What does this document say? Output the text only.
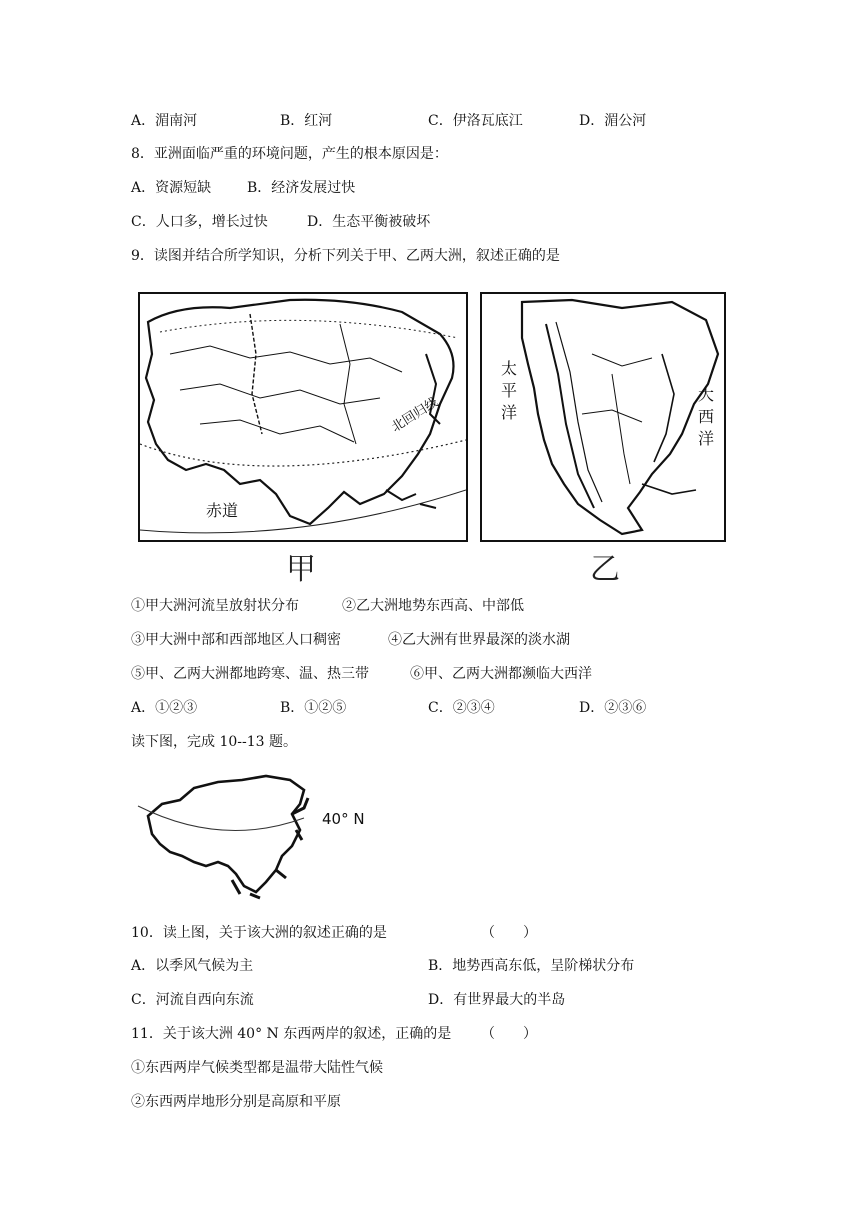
A．湄南河	B．红河	C．伊洛瓦底江	D．湄公河
8．亚洲面临严重的环境问题，产生的根本原因是：
A．资源短缺	B．经济发展过快
C．人口多，增长过快	D．生态平衡被破坏
9．读图并结合所学知识，分析下列关于甲、乙两大洲，叙述正确的是
北回归线
赤道
甲
太平洋
大西洋
乙
①甲大洲河流呈放射状分布	②乙大洲地势东西高、中部低
③甲大洲中部和西部地区人口稠密	④乙大洲有世界最深的淡水湖
⑤甲、乙两大洲都地跨寒、温、热三带	⑥甲、乙两大洲都濒临大西洋
A．①②③	B．①②⑤	C．②③④	D．②③⑥
读下图，完成 10--13 题。
40° N
10．读上图，关于该大洲的叙述正确的是	（　　）
A．以季风气候为主	B．地势西高东低，呈阶梯状分布
C．河流自西向东流	D．有世界最大的半岛
11．关于该大洲 40° N 东西两岸的叙述，正确的是 （　　）
①东西两岸气候类型都是温带大陆性气候
②东西两岸地形分别是高原和平原
